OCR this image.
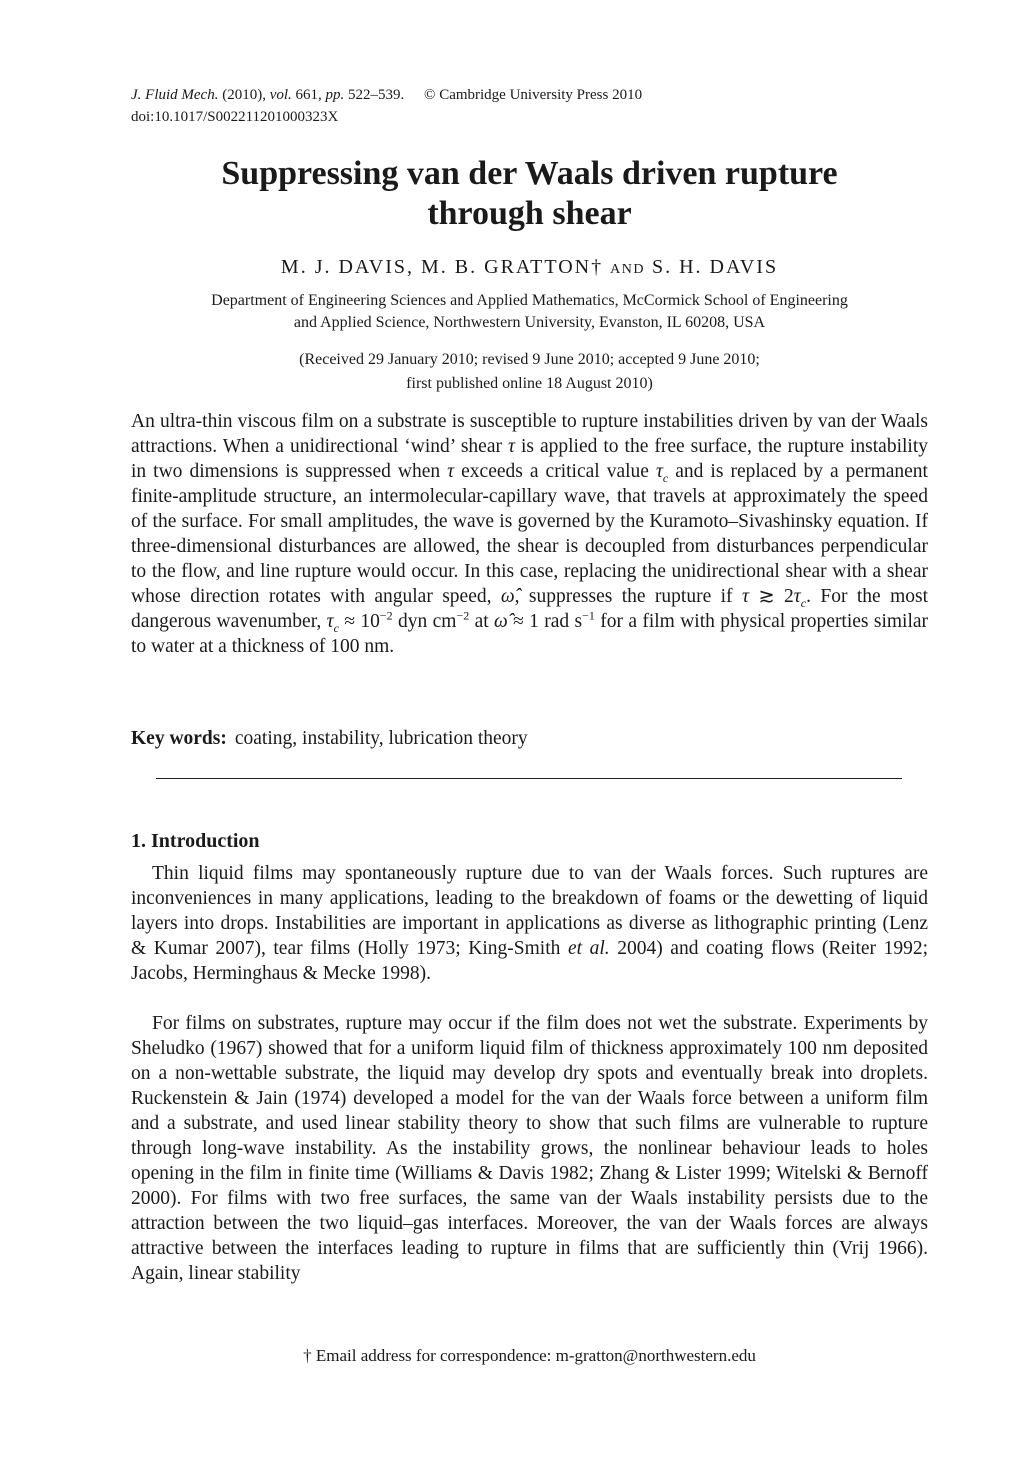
J. Fluid Mech. (2010), vol. 661, pp. 522–539. © Cambridge University Press 2010
doi:10.1017/S002211201000323X
Suppressing van der Waals driven rupture
through shear
M. J. DAVIS, M. B. GRATTON† AND S. H. DAVIS
Department of Engineering Sciences and Applied Mathematics, McCormick School of Engineering
and Applied Science, Northwestern University, Evanston, IL 60208, USA
(Received 29 January 2010; revised 9 June 2010; accepted 9 June 2010;
first published online 18 August 2010)

An ultra-thin viscous film on a substrate is susceptible to rupture instabilities driven by van der Waals attractions. When a unidirectional ‘wind’ shear τ is applied to the free surface, the rupture instability in two dimensions is suppressed when τ exceeds a critical value $\tau_c$ and is replaced by a permanent finite-amplitude structure, an intermolecular-capillary wave, that travels at approximately the speed of the surface. For small amplitudes, the wave is governed by the Kuramoto–Sivashinsky equation. If three-dimensional disturbances are allowed, the shear is decoupled from disturbances perpendicular to the flow, and line rupture would occur. In this case, replacing the unidirectional shear with a shear whose direction rotates with angular speed, ω̂, suppresses the rupture if τ ≳ $2\tau_c$. For the most dangerous wavenumber, $\tau_c \approx 10^{-2}$ dyn $cm^{-2}$ at ω̂ ≈ 1 rad $s^{-1}$ for a film with physical properties similar to water at a thickness of 100 nm.

Key words: coating, instability, lubrication theory
1. Introduction

Thin liquid films may spontaneously rupture due to van der Waals forces. Such ruptures are inconveniences in many applications, leading to the breakdown of foams or the dewetting of liquid layers into drops. Instabilities are important in applications as diverse as lithographic printing (Lenz & Kumar 2007), tear films (Holly 1973; King-Smith et al. 2004) and coating flows (Reiter 1992; Jacobs, Herminghaus & Mecke 1998).

For films on substrates, rupture may occur if the film does not wet the substrate. Experiments by Sheludko (1967) showed that for a uniform liquid film of thickness approximately 100 nm deposited on a non-wettable substrate, the liquid may develop dry spots and eventually break into droplets. Ruckenstein & Jain (1974) developed a model for the van der Waals force between a uniform film and a substrate, and used linear stability theory to show that such films are vulnerable to rupture through long-wave instability. As the instability grows, the nonlinear behaviour leads to holes opening in the film in finite time (Williams & Davis 1982; Zhang & Lister 1999; Witelski & Bernoff 2000). For films with two free surfaces, the same van der Waals instability persists due to the attraction between the two liquid–gas interfaces. Moreover, the van der Waals forces are always attractive between the interfaces leading to rupture in films that are sufficiently thin (Vrij 1966). Again, linear stability

† Email address for correspondence: m-gratton@northwestern.edu
